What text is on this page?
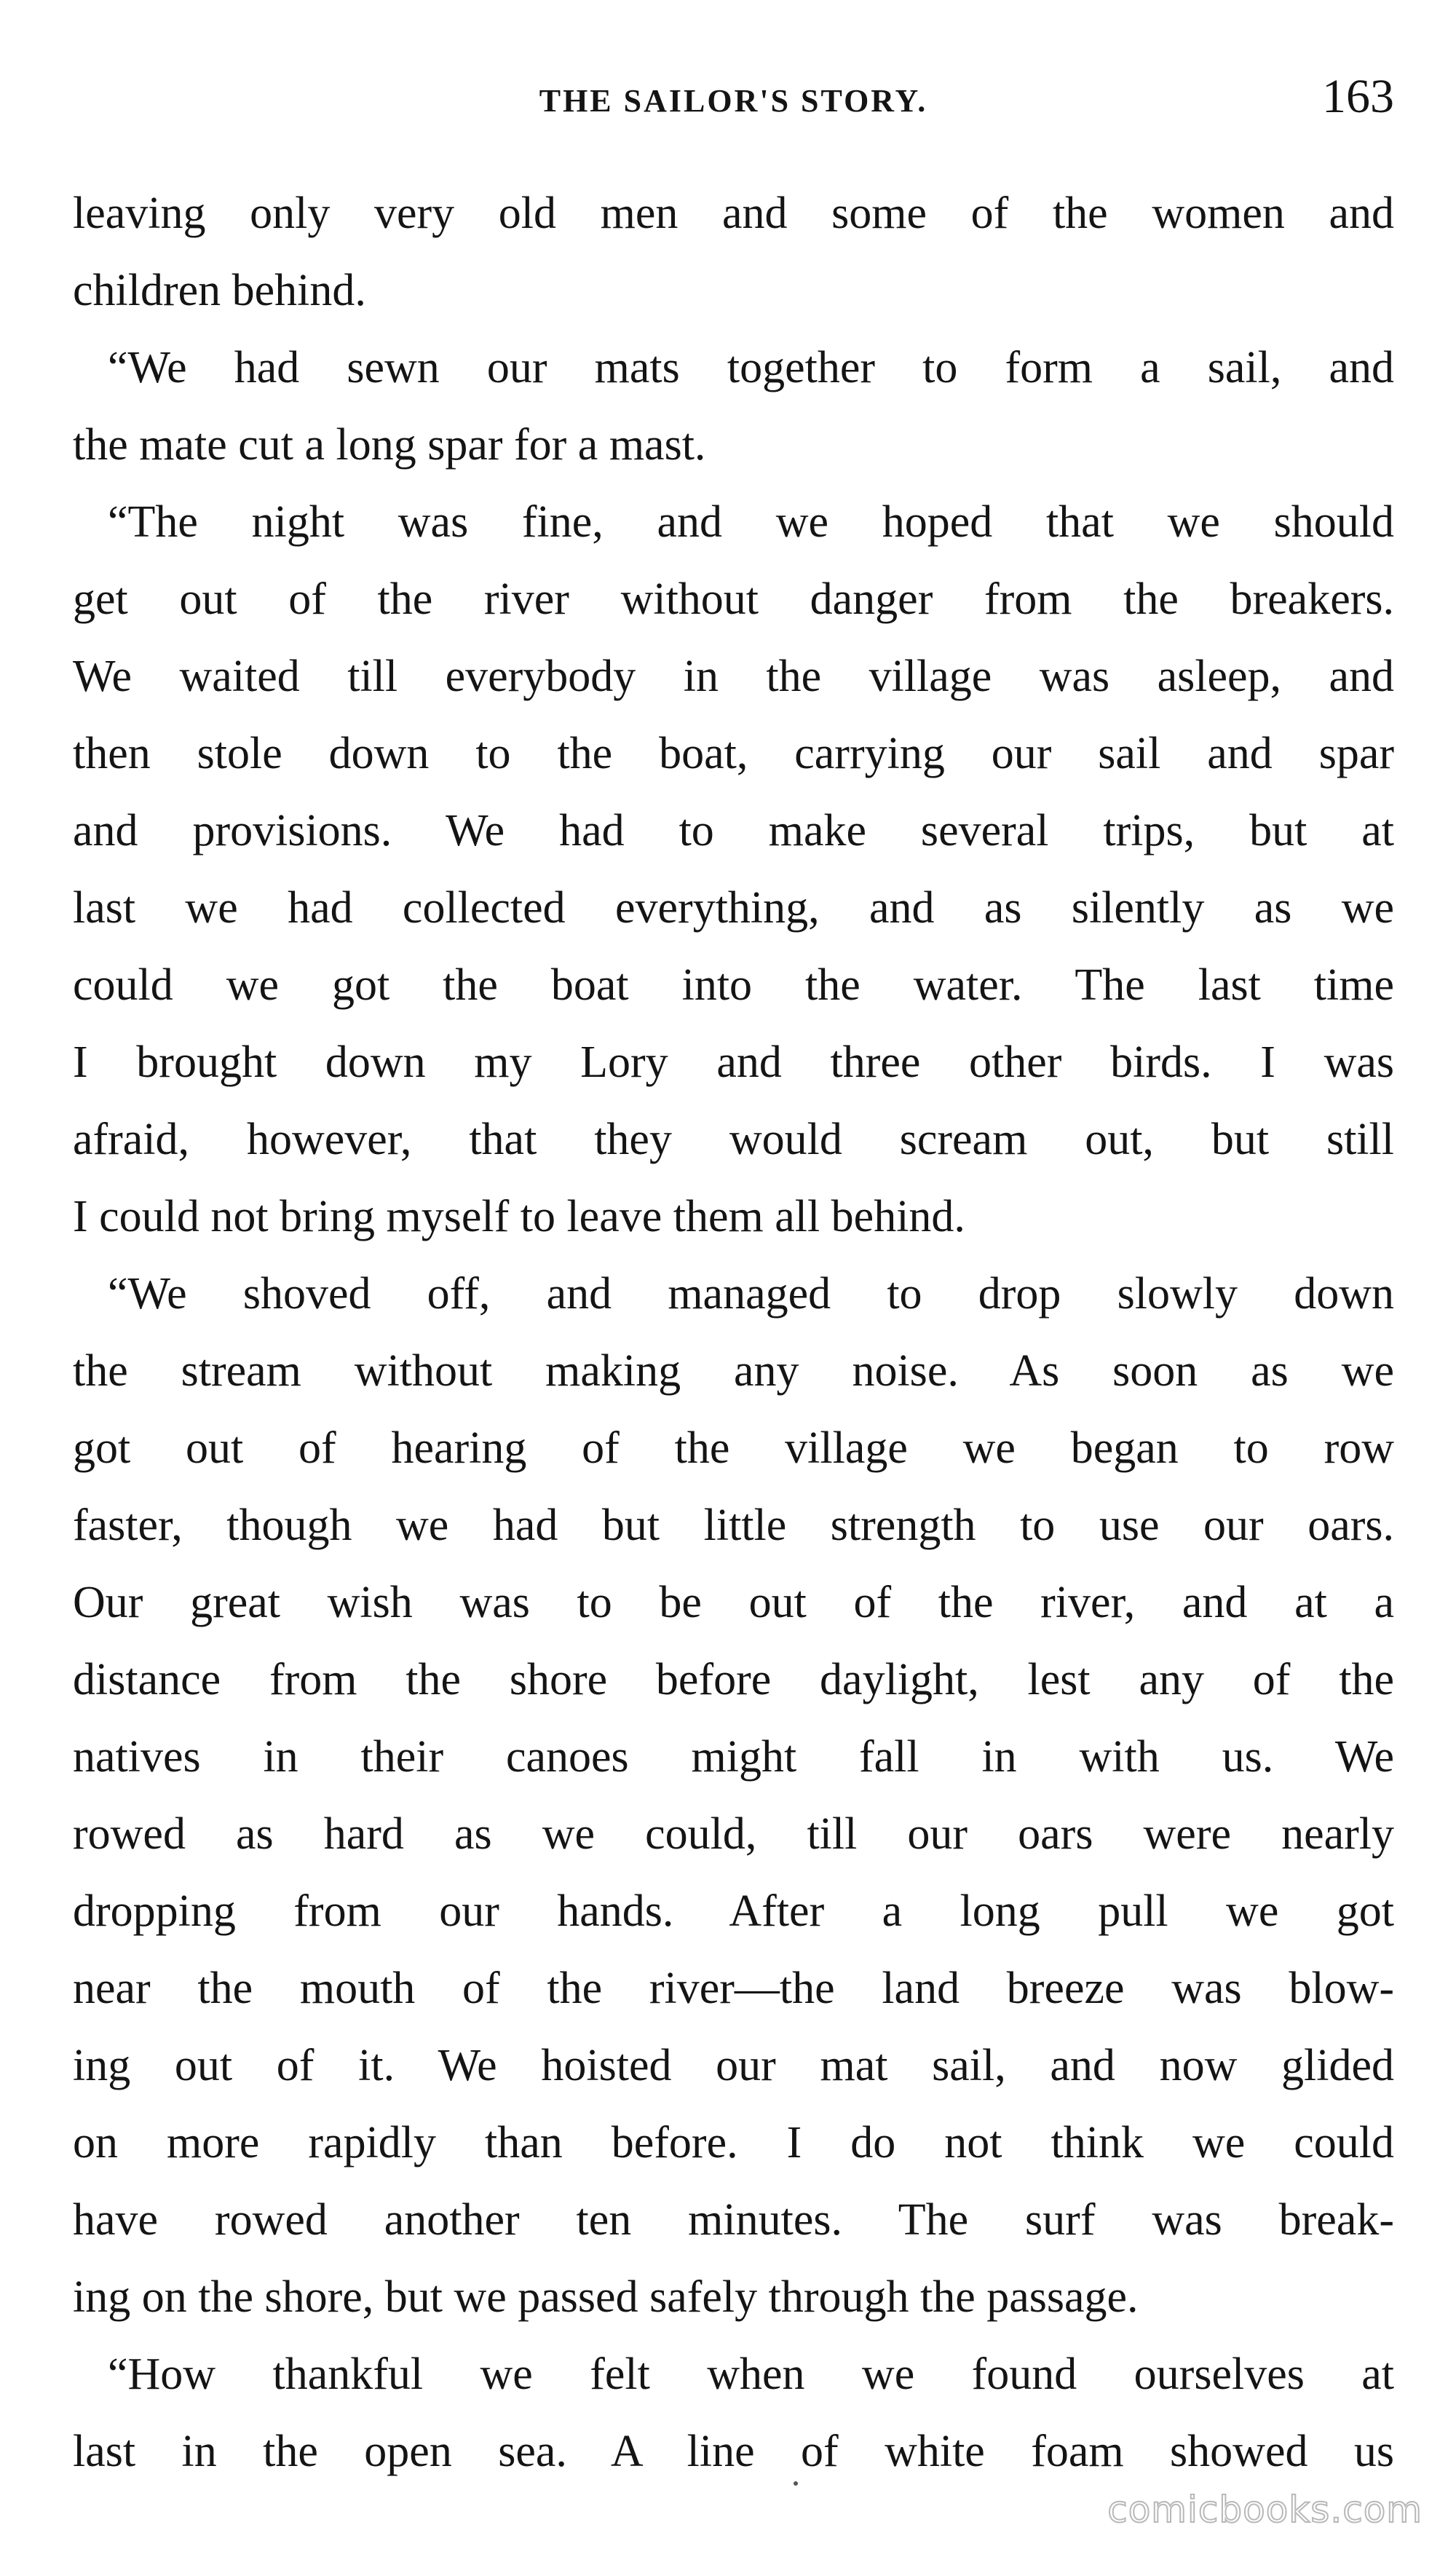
THE SAILOR'S STORY.	163
leaving only very old men and some of the women and
children behind.
“We had sewn our mats together to form a sail, and
the mate cut a long spar for a mast.
“The night was fine, and we hoped that we should
get out of the river without danger from the breakers.
We waited till everybody in the village was asleep, and
then stole down to the boat, carrying our sail and spar
and provisions. We had to make several trips, but at
last we had collected everything, and as silently as we
could we got the boat into the water. The last time
I brought down my Lory and three other birds. I was
afraid, however, that they would scream out, but still
I could not bring myself to leave them all behind.
“We shoved off, and managed to drop slowly down
the stream without making any noise. As soon as we
got out of hearing of the village we began to row
faster, though we had but little strength to use our oars.
Our great wish was to be out of the river, and at a
distance from the shore before daylight, lest any of the
natives in their canoes might fall in with us. We
rowed as hard as we could, till our oars were nearly
dropping from our hands. After a long pull we got
near the mouth of the river—the land breeze was blow-
ing out of it. We hoisted our mat sail, and now glided
on more rapidly than before. I do not think we could
have rowed another ten minutes. The surf was break-
ing on the shore, but we passed safely through the passage.
“How thankful we felt when we found ourselves at
last in the open sea. A line of white foam showed us
comicbooks.com
